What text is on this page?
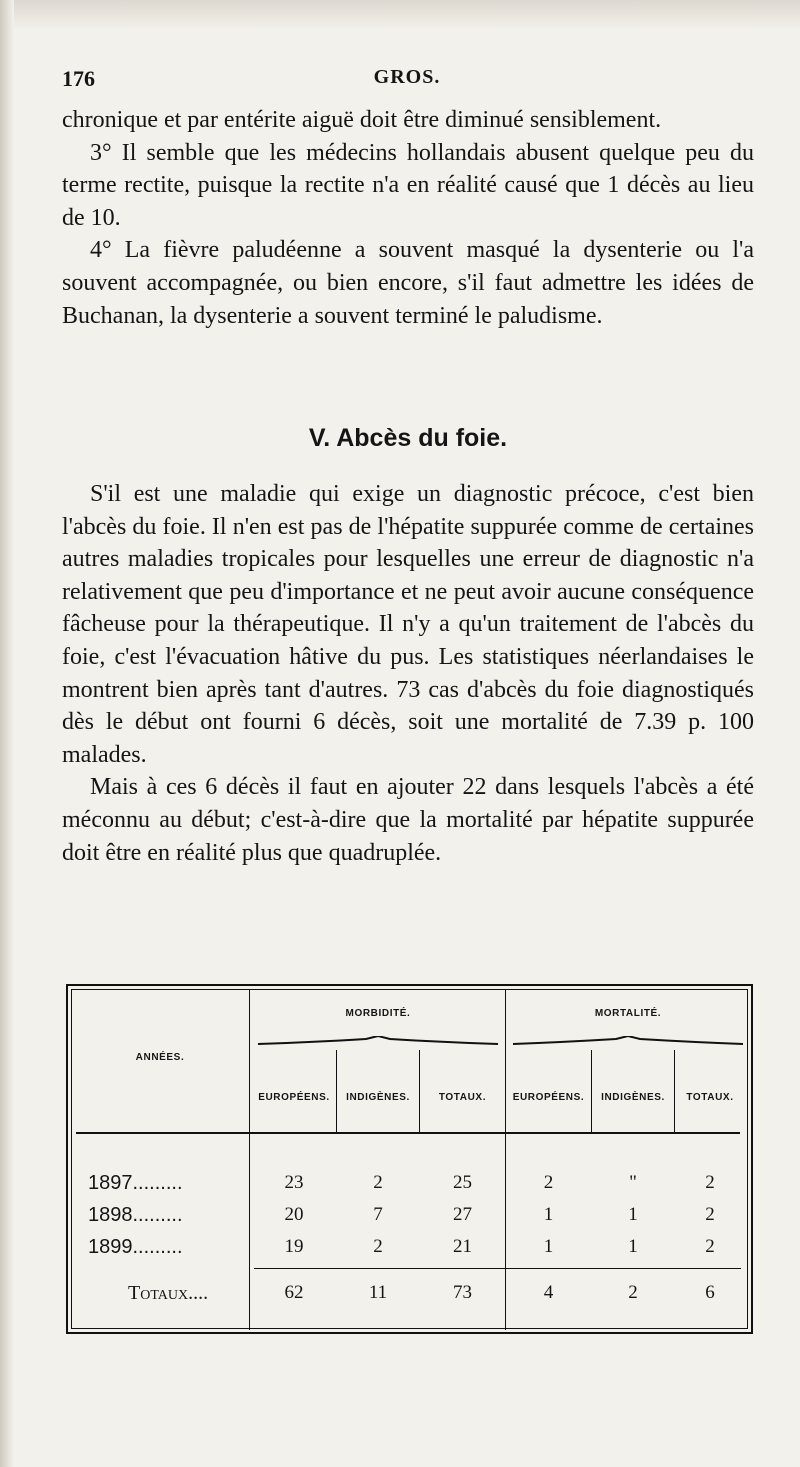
176	GROS.

chronique et par entérite aiguë doit être diminué sensiblement.

3° Il semble que les médecins hollandais abusent quelque peu du terme rectite, puisque la rectite n'a en réalité causé que 1 décès au lieu de 10.

4° La fièvre paludéenne a souvent masqué la dysenterie ou l'a souvent accompagnée, ou bien encore, s'il faut admettre les idées de Buchanan, la dysenterie a souvent terminé le paludisme.

V. Abcès du foie.

S'il est une maladie qui exige un diagnostic précoce, c'est bien l'abcès du foie. Il n'en est pas de l'hépatite suppurée comme de certaines autres maladies tropicales pour lesquelles une erreur de diagnostic n'a relativement que peu d'importance et ne peut avoir aucune conséquence fâcheuse pour la thérapeutique. Il n'y a qu'un traitement de l'abcès du foie, c'est l'évacuation hâtive du pus. Les statistiques néerlandaises le montrent bien après tant d'autres. 73 cas d'abcès du foie diagnostiqués dès le début ont fourni 6 décès, soit une mortalité de 7.39 p. 100 malades.

Mais à ces 6 décès il faut en ajouter 22 dans lesquels l'abcès a été méconnu au début; c'est-à-dire que la mortalité par hépatite suppurée doit être en réalité plus que quadruplée.

ANNÉES.
MORBIDITÉ.	MORTALITÉ.
EUROPÉENS.	INDIGÈNES.	TOTAUX.	EUROPÉENS.	INDIGÈNES.	TOTAUX.
1897.........	23	2	25	2	"	2
1898.........	20	7	27	1	1	2
1899.........	19	2	21	1	1	2
Totaux....	62	11	73	4	2	6
